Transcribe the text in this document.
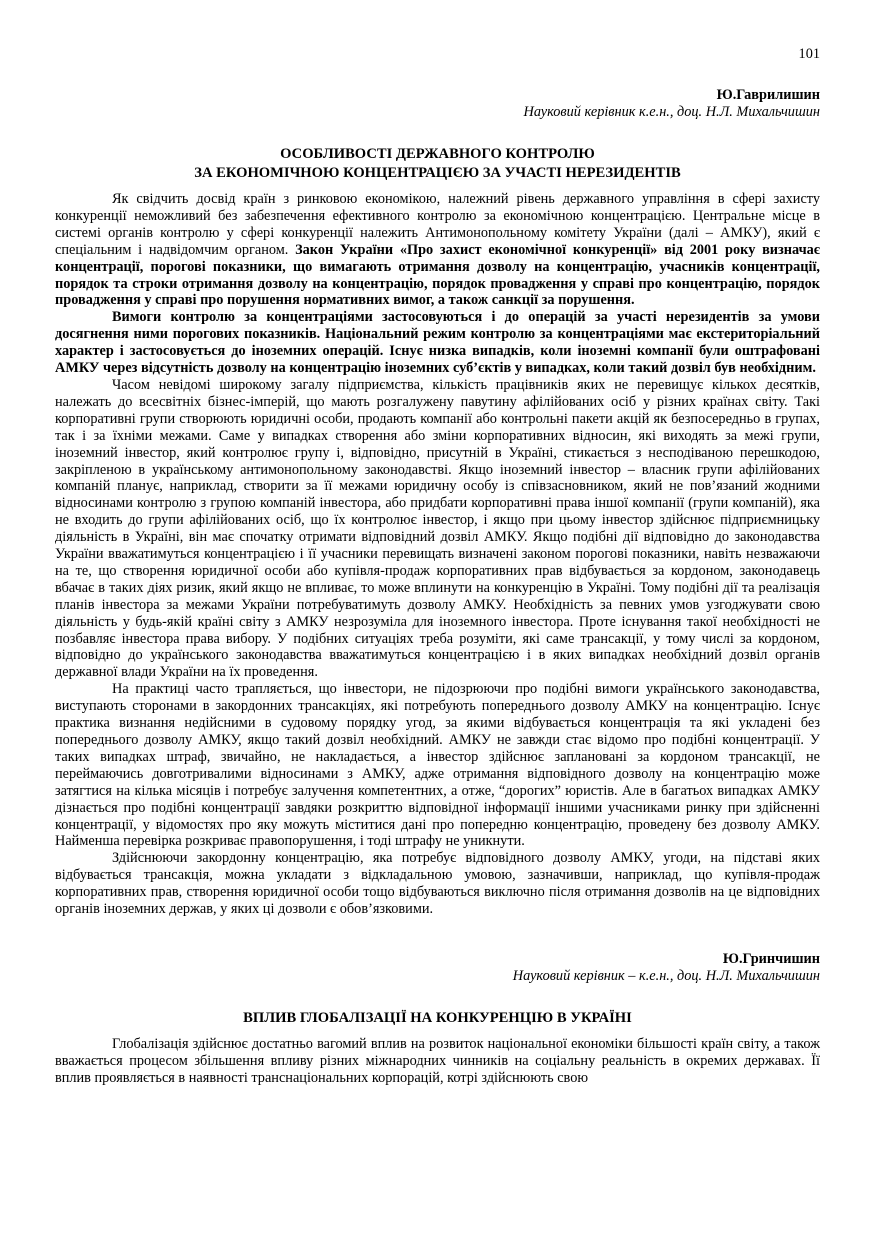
101
Ю.Гаврилишин
Науковий керівник к.е.н., доц. Н.Л. Михальчишин
ОСОБЛИВОСТІ ДЕРЖАВНОГО КОНТРОЛЮ
ЗА ЕКОНОМІЧНОЮ КОНЦЕНТРАЦІЄЮ ЗА УЧАСТІ НЕРЕЗИДЕНТІВ

Як свідчить досвід країн з ринковою економікою, належний рівень державного управління в сфері захисту конкуренції неможливий без забезпечення ефективного контролю за економічною концентрацією. Центральне місце в системі органів контролю у сфері конкуренції належить Антимонопольному комітету України (далі – АМКУ), який є спеціальним і надвідомчим органом. Закон України «Про захист економічної конкуренції» від 2001 року визначає концентрації, порогові показники, що вимагають отримання дозволу на концентрацію, учасників концентрації, порядок та строки отримання дозволу на концентрацію, порядок провадження у справі про концентрацію, порядок провадження у справі про порушення нормативних вимог, а також санкції за порушення.

Вимоги контролю за концентраціями застосовуються і до операцій за участі нерезидентів за умови досягнення ними порогових показників. Національний режим контролю за концентраціями має екстериторіальний характер і застосовується до іноземних операцій. Існує низка випадків, коли іноземні компанії були оштрафовані АМКУ через відсутність дозволу на концентрацію іноземних суб’єктів у випадках, коли такий дозвіл був необхідним.

Часом невідомі широкому загалу підприємства, кількість працівників яких не перевищує кількох десятків, належать до всесвітніх бізнес-імперій, що мають розгалужену павутину афілійованих осіб у різних країнах світу. Такі корпоративні групи створюють юридичні особи, продають компанії або контрольні пакети акцій як безпосередньо в групах, так і за їхніми межами. Саме у випадках створення або зміни корпоративних відносин, які виходять за межі групи, іноземний інвестор, який контролює групу і, відповідно, присутній в Україні, стикається з несподіваною перешкодою, закріпленою в українському антимонопольному законодавстві. Якщо іноземний інвестор – власник групи афілійованих компаній планує, наприклад, створити за її межами юридичну особу із співзасновником, який не пов’язаний жодними відносинами контролю з групою компаній інвестора, або придбати корпоративні права іншої компанії (групи компаній), яка не входить до групи афілійованих осіб, що їх контролює інвестор, і якщо при цьому інвестор здійснює підприємницьку діяльність в Україні, він має спочатку отримати відповідний дозвіл АМКУ. Якщо подібні дії відповідно до законодавства України вважатимуться концентрацією і її учасники перевищать визначені законом порогові показники, навіть незважаючи на те, що створення юридичної особи або купівля-продаж корпоративних прав відбувається за кордоном, законодавець вбачає в таких діях ризик, який якщо не впливає, то може вплинути на конкуренцію в Україні. Тому подібні дії та реалізація планів інвестора за межами України потребуватимуть дозволу АМКУ. Необхідність за певних умов узгоджувати свою діяльність у будь-якій країні світу з АМКУ незрозуміла для іноземного інвестора. Проте існування такої необхідності не позбавляє інвестора права вибору. У подібних ситуаціях треба розуміти, які саме трансакції, у тому числі за кордоном, відповідно до українського законодавства вважатимуться концентрацією і в яких випадках необхідний дозвіл органів державної влади України на їх проведення.

На практиці часто трапляється, що інвестори, не підозрюючи про подібні вимоги українського законодавства, виступають сторонами в закордонних трансакціях, які потребують попереднього дозволу АМКУ на концентрацію. Існує практика визнання недійсними в судовому порядку угод, за якими відбувається концентрація та які укладені без попереднього дозволу АМКУ, якщо такий дозвіл необхідний. АМКУ не завжди стає відомо про подібні концентрації. У таких випадках штраф, звичайно, не накладається, а інвестор здійснює заплановані за кордоном трансакції, не переймаючись довготривалими відносинами з АМКУ, адже отримання відповідного дозволу на концентрацію може затягтися на кілька місяців і потребує залучення компетентних, а отже, “дорогих” юристів. Але в багатьох випадках АМКУ дізнається про подібні концентрації завдяки розкриттю відповідної інформації іншими учасниками ринку при здійсненні концентрації, у відомостях про яку можуть міститися дані про попередню концентрацію, проведену без дозволу АМКУ. Найменша перевірка розкриває правопорушення, і тоді штрафу не уникнути.

Здійснюючи закордонну концентрацію, яка потребує відповідного дозволу АМКУ, угоди, на підставі яких відбувається трансакція, можна укладати з відкладальною умовою, зазначивши, наприклад, що купівля-продаж корпоративних прав, створення юридичної особи тощо відбуваються виключно після отримання дозволів на це відповідних органів іноземних держав, у яких ці дозволи є обов’язковими.

Ю.Гринчишин
Науковий керівник – к.е.н., доц. Н.Л. Михальчишин
ВПЛИВ ГЛОБАЛІЗАЦІЇ НА КОНКУРЕНЦІЮ В УКРАЇНІ

Глобалізація здійснює достатньо вагомий вплив на розвиток національної економіки більшості країн світу, а також вважається процесом збільшення впливу різних міжнародних чинників на соціальну реальність в окремих державах. Її вплив проявляється в наявності транснаціональних корпорацій, котрі здійснюють свою
